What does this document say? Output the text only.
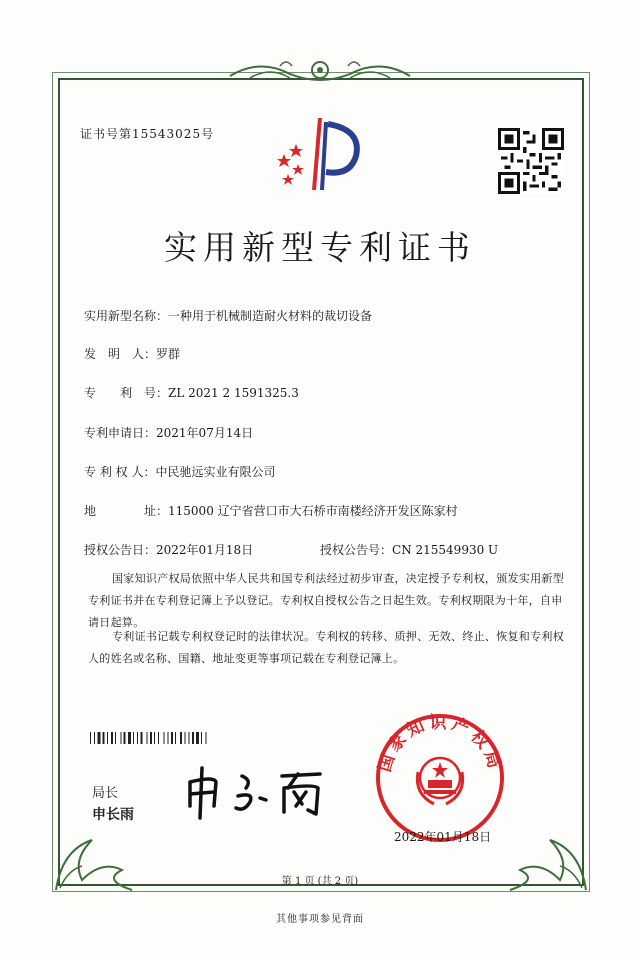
证书号第15543025号
实用新型专利证书
实用新型名称：一种用于机械制造耐火材料的裁切设备
发　明　人：罗群
专　　利　号：ZL 2021 2 1591325.3
专利申请日：2021年07月14日
专 利 权 人：中民驰远实业有限公司
地　　　　址：115000 辽宁省营口市大石桥市南楼经济开发区陈家村
授权公告日：2022年01月18日	授权公告号：CN 215549930 U
国家知识产权局依照中华人民共和国专利法经过初步审查，决定授予专利权，颁发实用新型专利证书并在专利登记簿上予以登记。专利权自授权公告之日起生效。专利权期限为十年，自申请日起算。
专利证书记载专利权登记时的法律状况。专利权的转移、质押、无效、终止、恢复和专利权人的姓名或名称、国籍、地址变更等事项记载在专利登记簿上。
局长
申长雨
国家知识产权局
2022年01月18日
第 1 页 (共 2 页)
其他事项参见背面
